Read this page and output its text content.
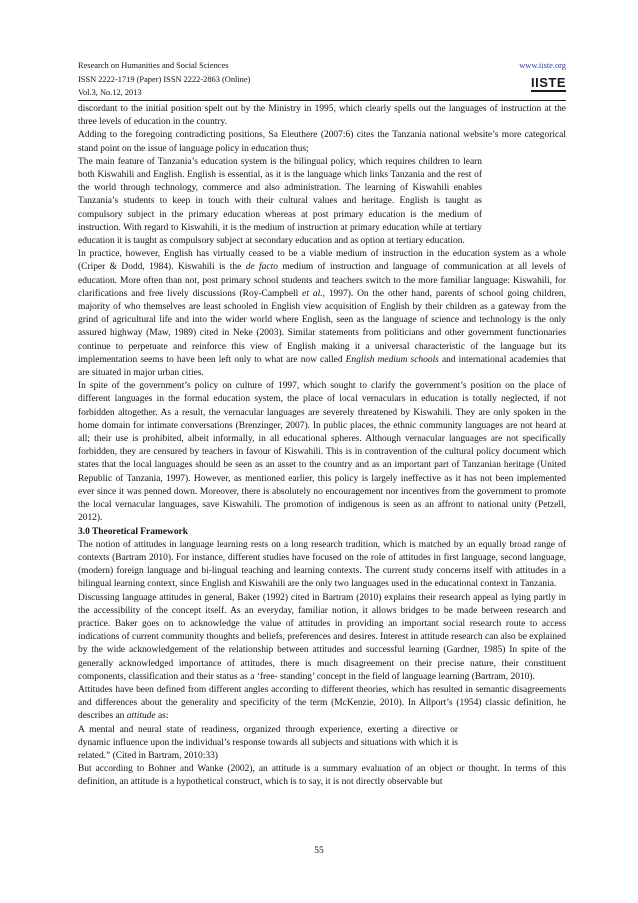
Research on Humanities and Social Sciences
ISSN 2222-1719 (Paper) ISSN 2222-2863 (Online)
Vol.3, No.12, 2013
www.iiste.org
IISTE

discordant to the initial position spelt out by the Ministry in 1995, which clearly spells out the languages of instruction at the three levels of education in the country.

Adding to the foregoing contradicting positions, Sa Eleuthere (2007:6) cites the Tanzania national website’s more categorical stand point on the issue of language policy in education thus;

The main feature of Tanzania’s education system is the bilingual policy, which requires children to learn both Kiswahili and English. English is essential, as it is the language which links Tanzania and the rest of the world through technology, commerce and also administration. The learning of Kiswahili enables Tanzania’s students to keep in touch with their cultural values and heritage. English is taught as compulsory subject in the primary education whereas at post primary education is the medium of instruction. With regard to Kiswahili, it is the medium of instruction at primary education while at tertiary education it is taught as compulsory subject at secondary education and as option at tertiary education.

In practice, however, English has virtually ceased to be a viable medium of instruction in the education system as a whole (Criper & Dodd, 1984). Kiswahili is the de facto medium of instruction and language of communication at all levels of education. More often than not, post primary school students and teachers switch to the more familiar language: Kiswahili, for clarifications and free lively discussions (Roy-Campbell et al., 1997). On the other hand, parents of school going children, majority of who themselves are least schooled in English view acquisition of English by their children as a gateway from the grind of agricultural life and into the wider world where English, seen as the language of science and technology is the only assured highway (Maw, 1989) cited in Neke (2003). Similar statements from politicians and other government functionaries continue to perpetuate and reinforce this view of English making it a universal characteristic of the language but its implementation seems to have been left only to what are now called English medium schools and international academies that are situated in major urban cities.

In spite of the government’s policy on culture of 1997, which sought to clarify the government’s position on the place of different languages in the formal education system, the place of local vernaculars in education is totally neglected, if not forbidden altogether. As a result, the vernacular languages are severely threatened by Kiswahili. They are only spoken in the home domain for intimate conversations (Brenzinger, 2007). In public places, the ethnic community languages are not heard at all; their use is prohibited, albeit informally, in all educational spheres. Although vernacular languages are not specifically forbidden, they are censured by teachers in favour of Kiswahili. This is in contravention of the cultural policy document which states that the local languages should be seen as an asset to the country and as an important part of Tanzanian heritage (United Republic of Tanzania, 1997). However, as mentioned earlier, this policy is largely ineffective as it has not been implemented ever since it was penned down. Moreover, there is absolutely no encouragement nor incentives from the government to promote the local vernacular languages, save Kiswahili. The promotion of indigenous is seen as an affront to national unity (Petzell, 2012).

3.0 Theoretical Framework

The notion of attitudes in language learning rests on a long research tradition, which is matched by an equally broad range of contexts (Bartram 2010). For instance, different studies have focused on the role of attitudes in first language, second language, (modern) foreign language and bi-lingual teaching and learning contexts. The current study concerns itself with attitudes in a bilingual learning context, since English and Kiswahili are the only two languages used in the educational context in Tanzania.

Discussing language attitudes in general, Baker (1992) cited in Bartram (2010) explains their research appeal as lying partly in the accessibility of the concept itself. As an everyday, familiar notion, it allows bridges to be made between research and practice. Baker goes on to acknowledge the value of attitudes in providing an important social research route to access indications of current community thoughts and beliefs, preferences and desires. Interest in attitude research can also be explained by the wide acknowledgement of the relationship between attitudes and successful learning (Gardner, 1985) In spite of the generally acknowledged importance of attitudes, there is much disagreement on their precise nature, their constituent components, classification and their status as a ‘free- standing’ concept in the field of language learning (Bartram, 2010).

Attitudes have been defined from different angles according to different theories, which has resulted in semantic disagreements and differences about the generality and specificity of the term (McKenzie, 2010). In Allport’s (1954) classic definition, he describes an attitude as:

A mental and neural state of readiness, organized through experience, exerting a directive or dynamic influence upon the individual’s response towards all subjects and situations with which it is related.” (Cited in Bartram, 2010:33)

But according to Bohner and Wanke (2002), an attitude is a summary evaluation of an object or thought. In terms of this definition, an attitude is a hypothetical construct, which is to say, it is not directly observable but

55
